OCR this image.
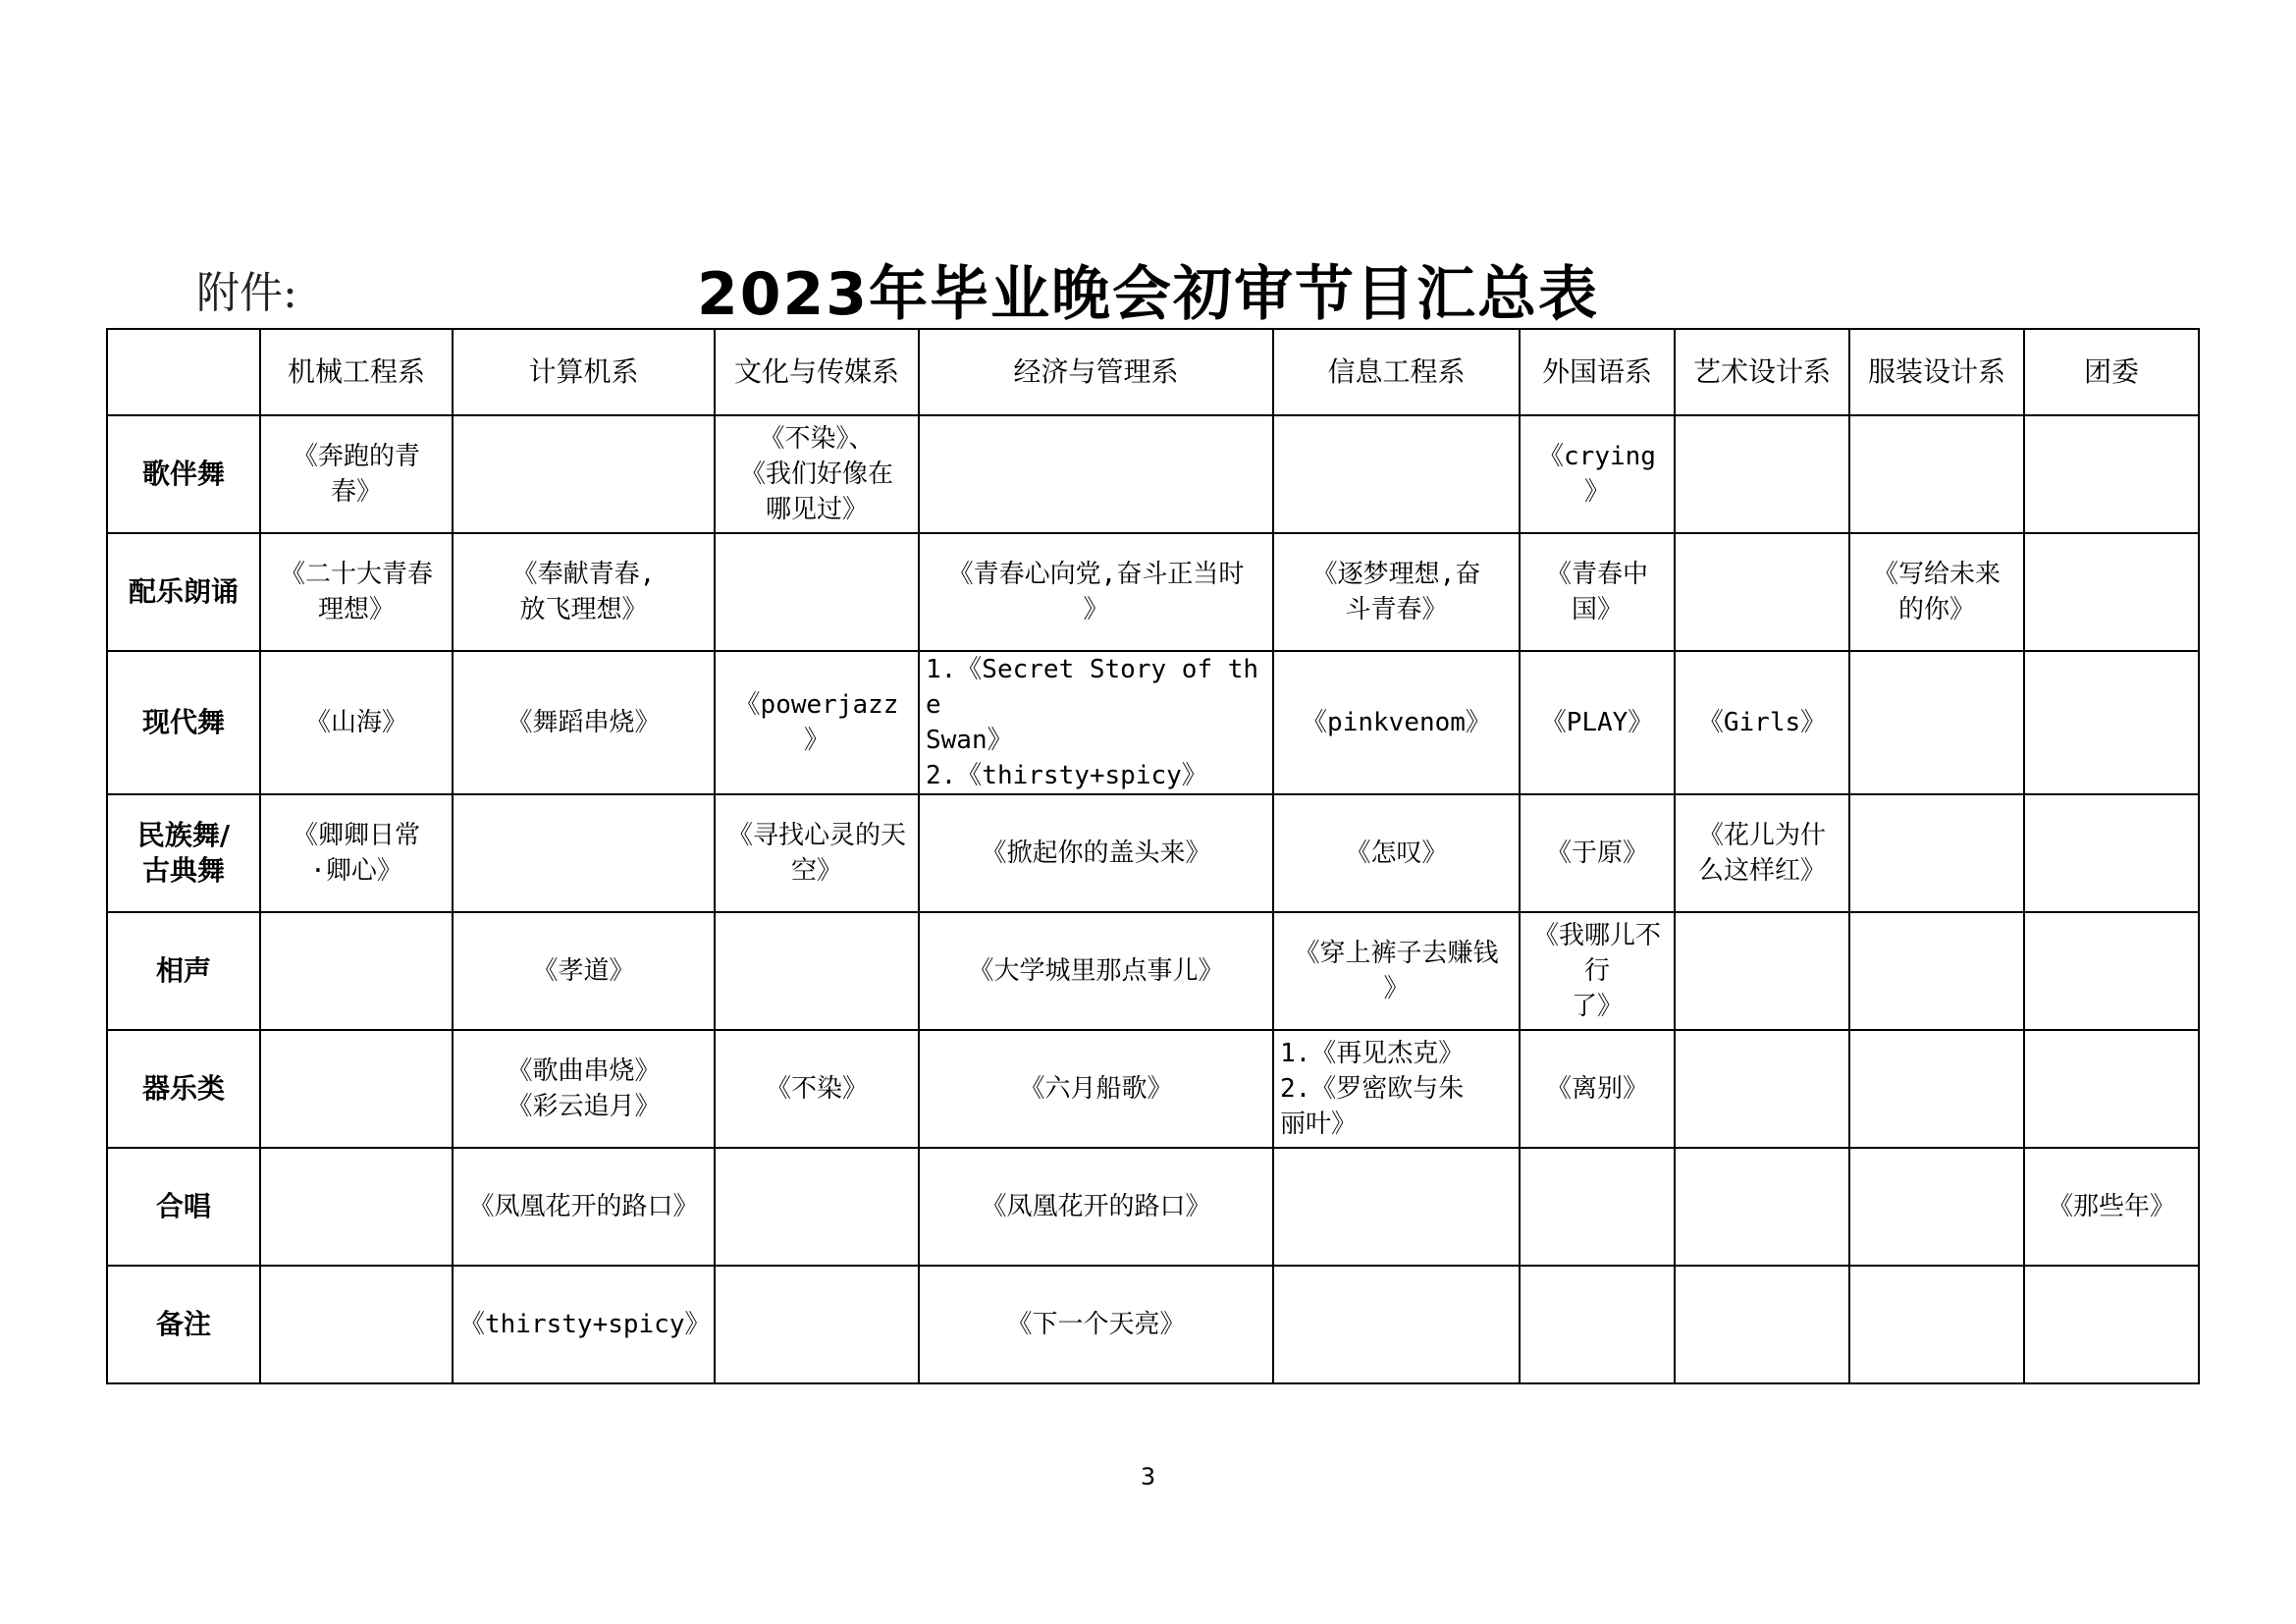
附件:	2023年毕业晚会初审节目汇总表
	机械工程系	计算机系	文化与传媒系	经济与管理系	信息工程系	外国语系	艺术设计系	服装设计系	团委
歌伴舞	《奔跑的青
春》		《不染》、
《我们好像在
哪见过》			《crying
》			

配乐朗诵	《二十大青春
理想》	《奉献青春,
放飞理想》		《青春心向党,奋斗正当时
》	《逐梦理想,奋
斗青春》	《青春中
国》		《写给未来
的你》	

现代舞	《山海》	《舞蹈串烧》	《powerjazz
》	1.《Secret Story of the
Swan》
2.《thirsty+spicy》	《pinkvenom》	《PLAY》	《Girls》		

民族舞/
古典舞	《卿卿日常
·卿心》		《寻找心灵的天
空》	《掀起你的盖头来》	《怎叹》	《于原》	《花儿为什
么这样红》		

相声		《孝道》		《大学城里那点事儿》	《穿上裤子去赚钱
》	《我哪儿不行
了》			

器乐类		《歌曲串烧》
《彩云追月》	《不染》	《六月船歌》	1.《再见杰克》
2.《罗密欧与朱
丽叶》	《离别》			

合唱		《凤凰花开的路口》		《凤凰花开的路口》					《那些年》

备注		《thirsty+spicy》		《下一个天亮》					

3
